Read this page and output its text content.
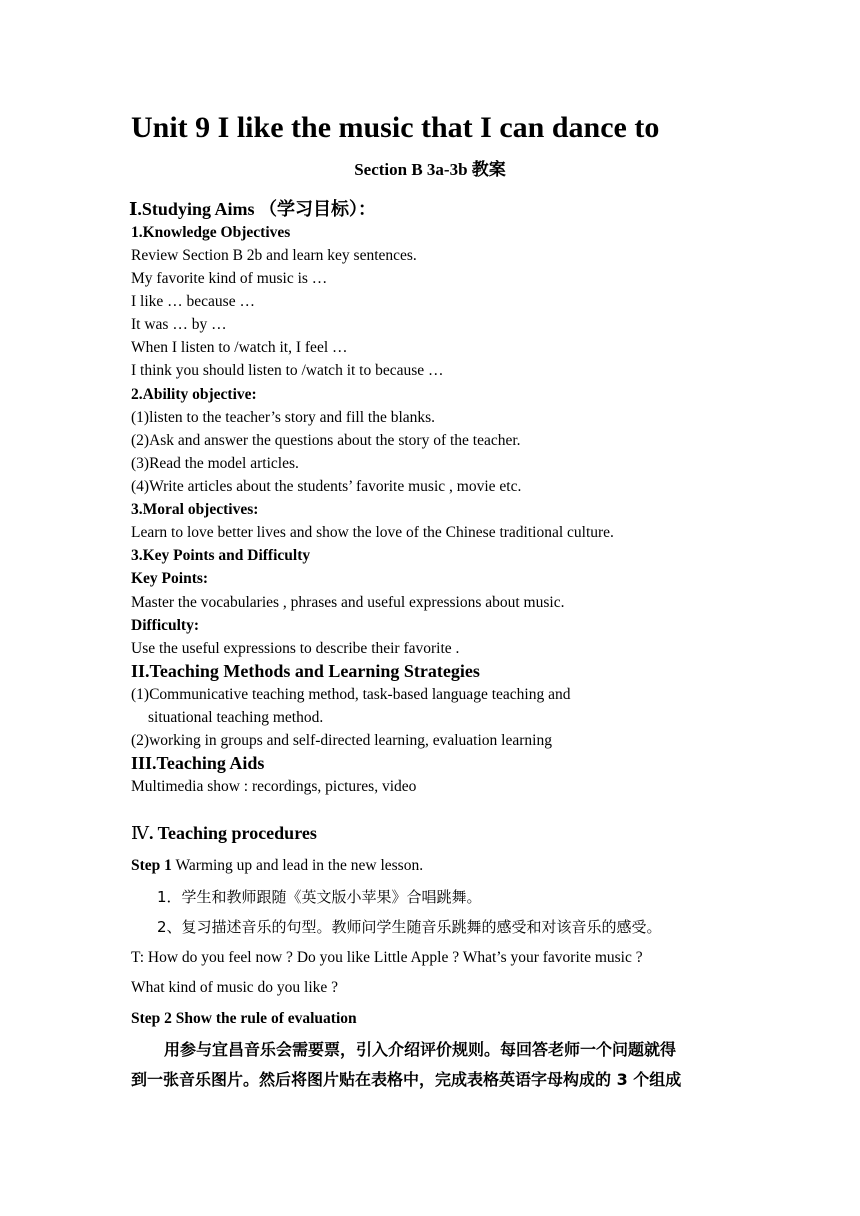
Unit 9 I like the music that I can dance to
Section B 3a-3b 教案
Ⅰ.Studying Aims （学习目标）：
1.Knowledge Objectives
Review Section B 2b and learn key sentences.
My favorite kind of music is …
I like … because …
It was … by …
When I listen to /watch it, I feel …
I think you should listen to /watch it to because …
2.Ability objective:
(1)listen to the teacher’s story and fill the blanks.
(2)Ask and answer the questions about the story of the teacher.
(3)Read the model articles.
(4)Write articles about the students’ favorite music , movie etc.
3.Moral objectives:
Learn to love better lives and show the love of the Chinese traditional culture.
3.Key Points and Difficulty
Key Points:
Master the vocabularies , phrases and useful expressions about music.
Difficulty:
Use the useful expressions to describe their favorite .
II.Teaching Methods and Learning Strategies
(1)Communicative teaching method, task-based language teaching and
situational teaching method.
(2)working in groups and self-directed learning, evaluation learning
III.Teaching Aids
Multimedia show : recordings, pictures, video
Ⅳ. Teaching procedures
Step 1 Warming up and lead in the new lesson.
1．学生和教师跟随《英文版小苹果》合唱跳舞。
2、复习描述音乐的句型。教师问学生随音乐跳舞的感受和对该音乐的感受。
T: How do you feel now ? Do you like Little Apple ? What’s your favorite music ?
What kind of music do you like ?
Step 2 Show the rule of evaluation
用参与宜昌音乐会需要票，引入介绍评价规则。每回答老师一个问题就得
到一张音乐图片。然后将图片贴在表格中，完成表格英语字母构成的 3 个组成
